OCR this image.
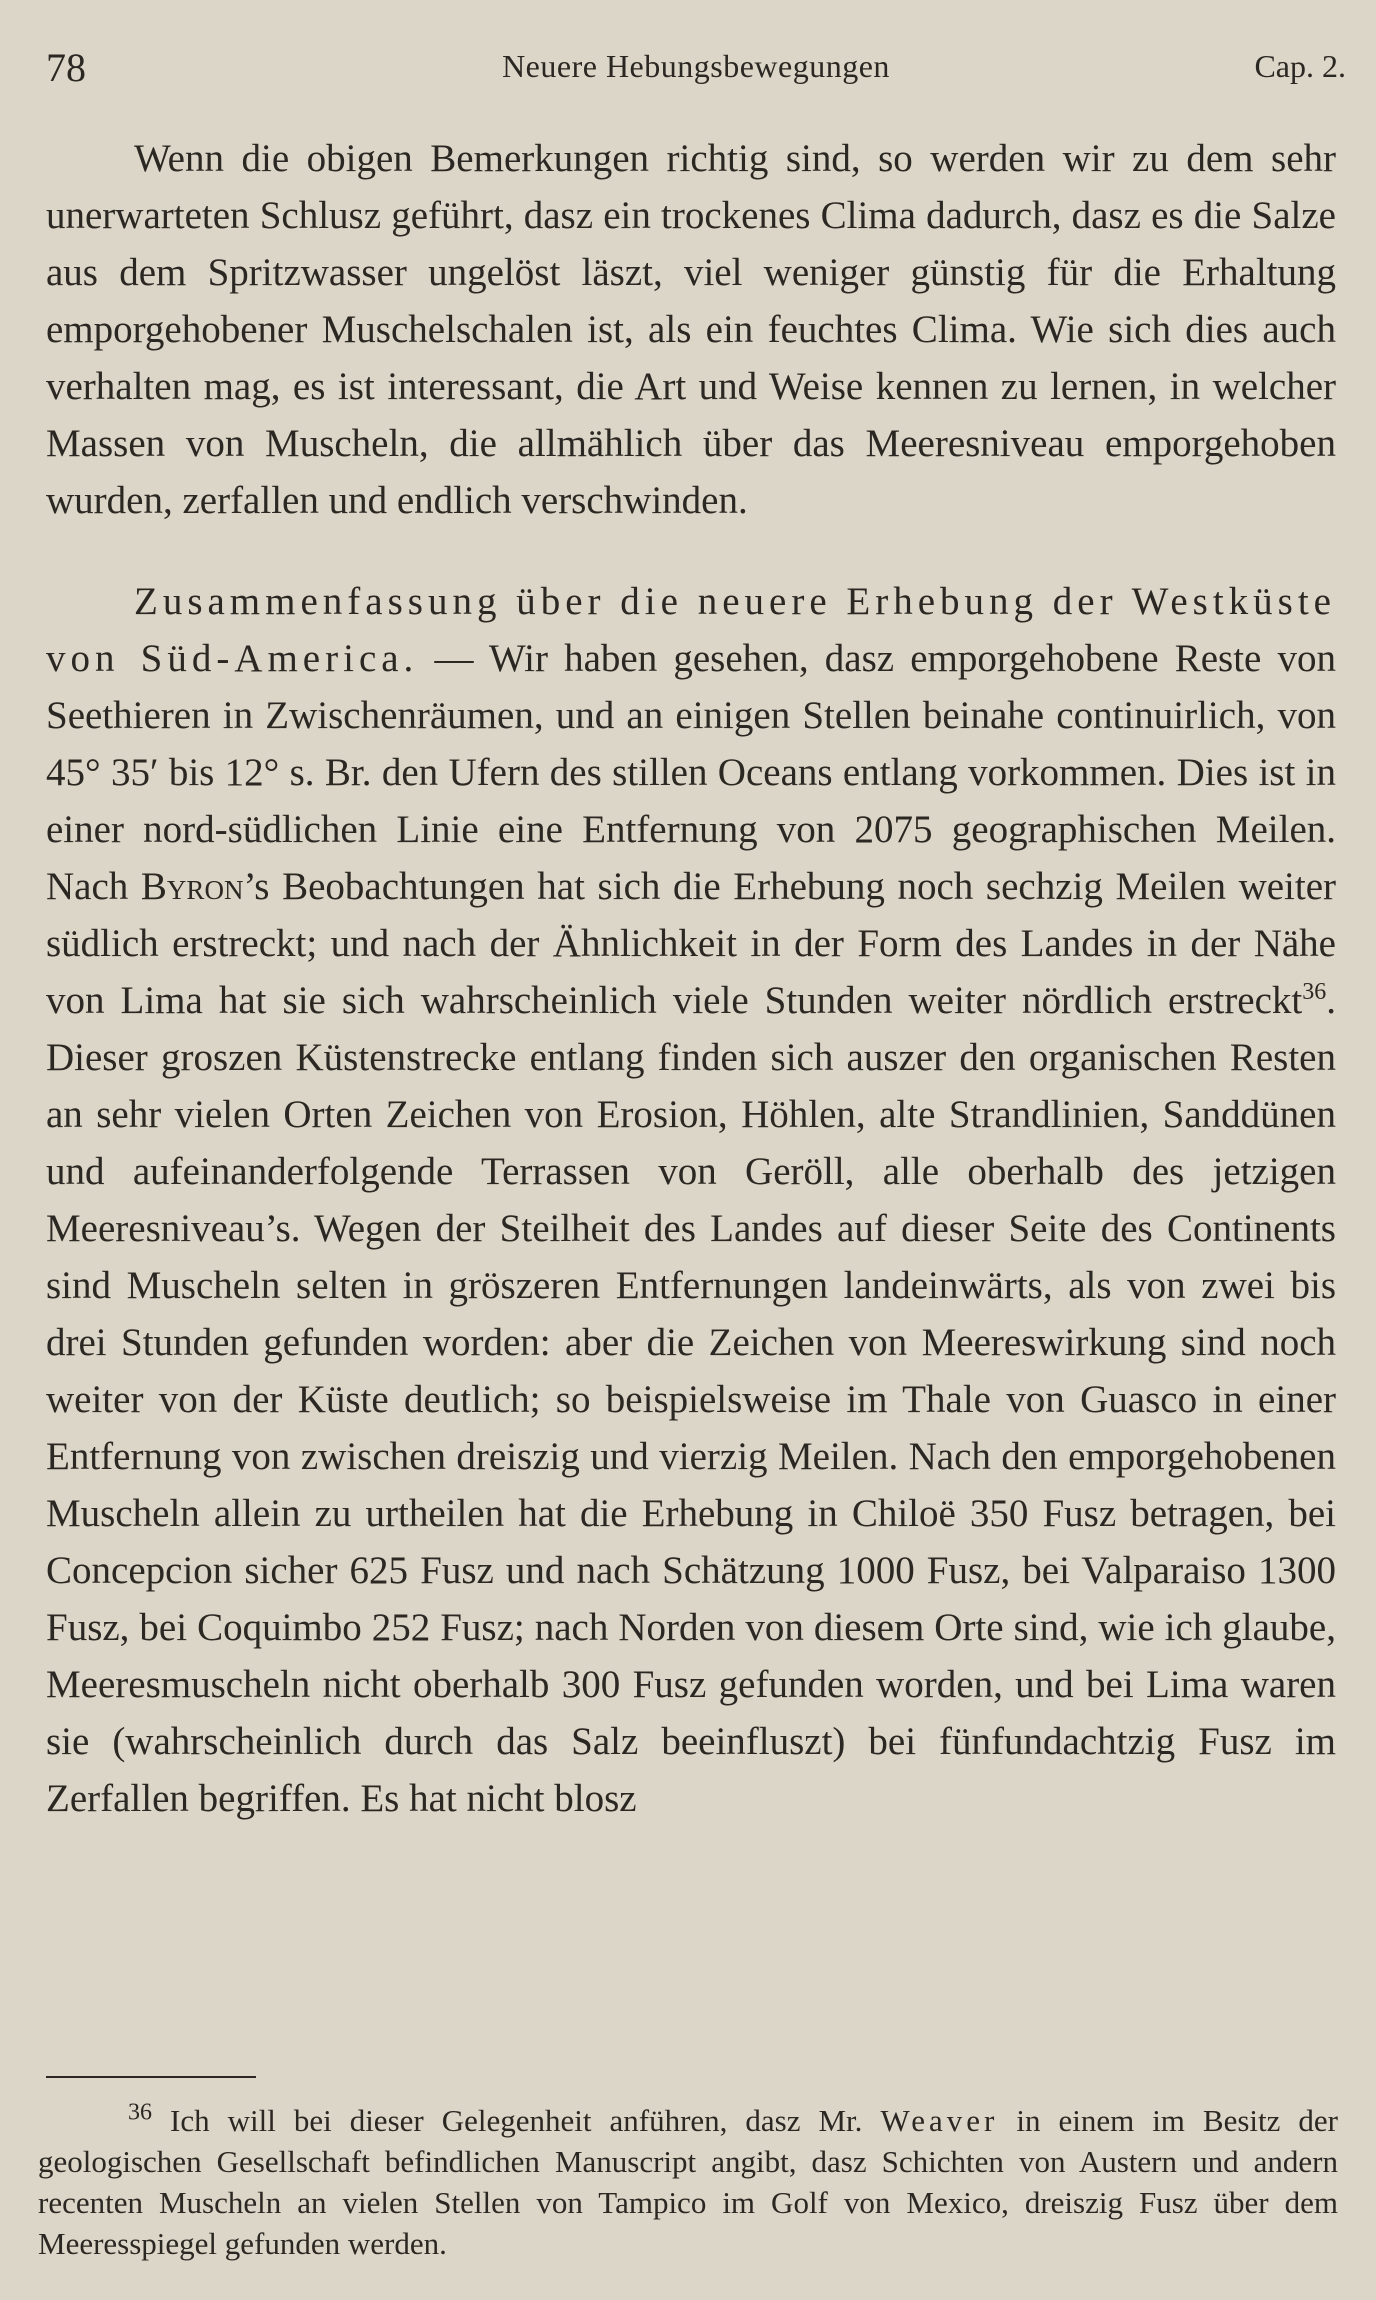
78	Neuere Hebungsbewegungen	Cap. 2.

Wenn die obigen Bemerkungen richtig sind, so werden wir zu dem sehr unerwarteten Schlusz geführt, dasz ein trockenes Clima dadurch, dasz es die Salze aus dem Spritzwasser ungelöst läszt, viel weniger günstig für die Erhaltung emporgehobener Muschelschalen ist, als ein feuchtes Clima. Wie sich dies auch verhalten mag, es ist interessant, die Art und Weise kennen zu lernen, in welcher Massen von Muscheln, die allmählich über das Meeresniveau emporgehoben wurden, zerfallen und endlich verschwinden.

Zusammenfassung über die neuere Erhebung der Westküste von Süd-America. — Wir haben gesehen, dasz emporgehobene Reste von Seethieren in Zwischenräumen, und an einigen Stellen beinahe continuirlich, von 45° 35′ bis 12° s. Br. den Ufern des stillen Oceans entlang vorkommen. Dies ist in einer nord-südlichen Linie eine Entfernung von 2075 geographischen Meilen. Nach Byron’s Beobachtungen hat sich die Erhebung noch sechzig Meilen weiter südlich erstreckt; und nach der Ähnlichkeit in der Form des Landes in der Nähe von Lima hat sie sich wahrscheinlich viele Stunden weiter nördlich erstreckt$^{36}$. Dieser groszen Küstenstrecke entlang finden sich auszer den organischen Resten an sehr vielen Orten Zeichen von Erosion, Höhlen, alte Strandlinien, Sanddünen und aufeinanderfolgende Terrassen von Geröll, alle oberhalb des jetzigen Meeresniveau’s. Wegen der Steilheit des Landes auf dieser Seite des Continents sind Muscheln selten in gröszeren Entfernungen landeinwärts, als von zwei bis drei Stunden gefunden worden: aber die Zeichen von Meereswirkung sind noch weiter von der Küste deutlich; so beispielsweise im Thale von Guasco in einer Entfernung von zwischen dreiszig und vierzig Meilen. Nach den emporgehobenen Muscheln allein zu urtheilen hat die Erhebung in Chiloë 350 Fusz betragen, bei Concepcion sicher 625 Fusz und nach Schätzung 1000 Fusz, bei Valparaiso 1300 Fusz, bei Coquimbo 252 Fusz; nach Norden von diesem Orte sind, wie ich glaube, Meeresmuscheln nicht oberhalb 300 Fusz gefunden worden, und bei Lima waren sie (wahrscheinlich durch das Salz beeinfluszt) bei fünfundachtzig Fusz im Zerfallen begriffen. Es hat nicht blosz

$^{36}$ Ich will bei dieser Gelegenheit anführen, dasz Mr. Weaver in einem im Besitz der geologischen Gesellschaft befindlichen Manuscript angibt, dasz Schichten von Austern und andern recenten Muscheln an vielen Stellen von Tampico im Golf von Mexico, dreiszig Fusz über dem Meeresspiegel gefunden werden.
